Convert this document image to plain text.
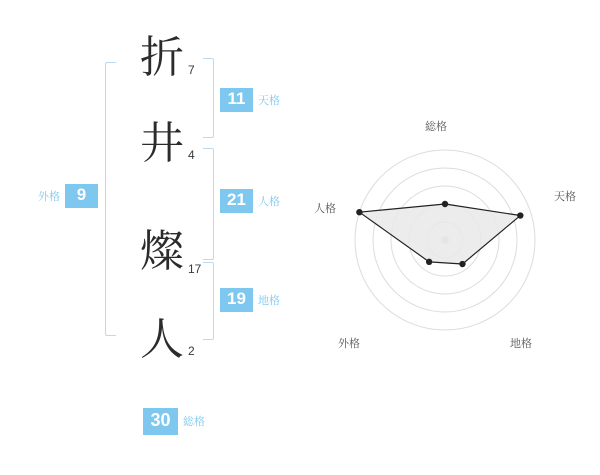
外格 9
折 7
井 4
燦 17
人 2
11	天格
21	人格
19	地格
30	総格
総格
天格
地格
外格
人格
